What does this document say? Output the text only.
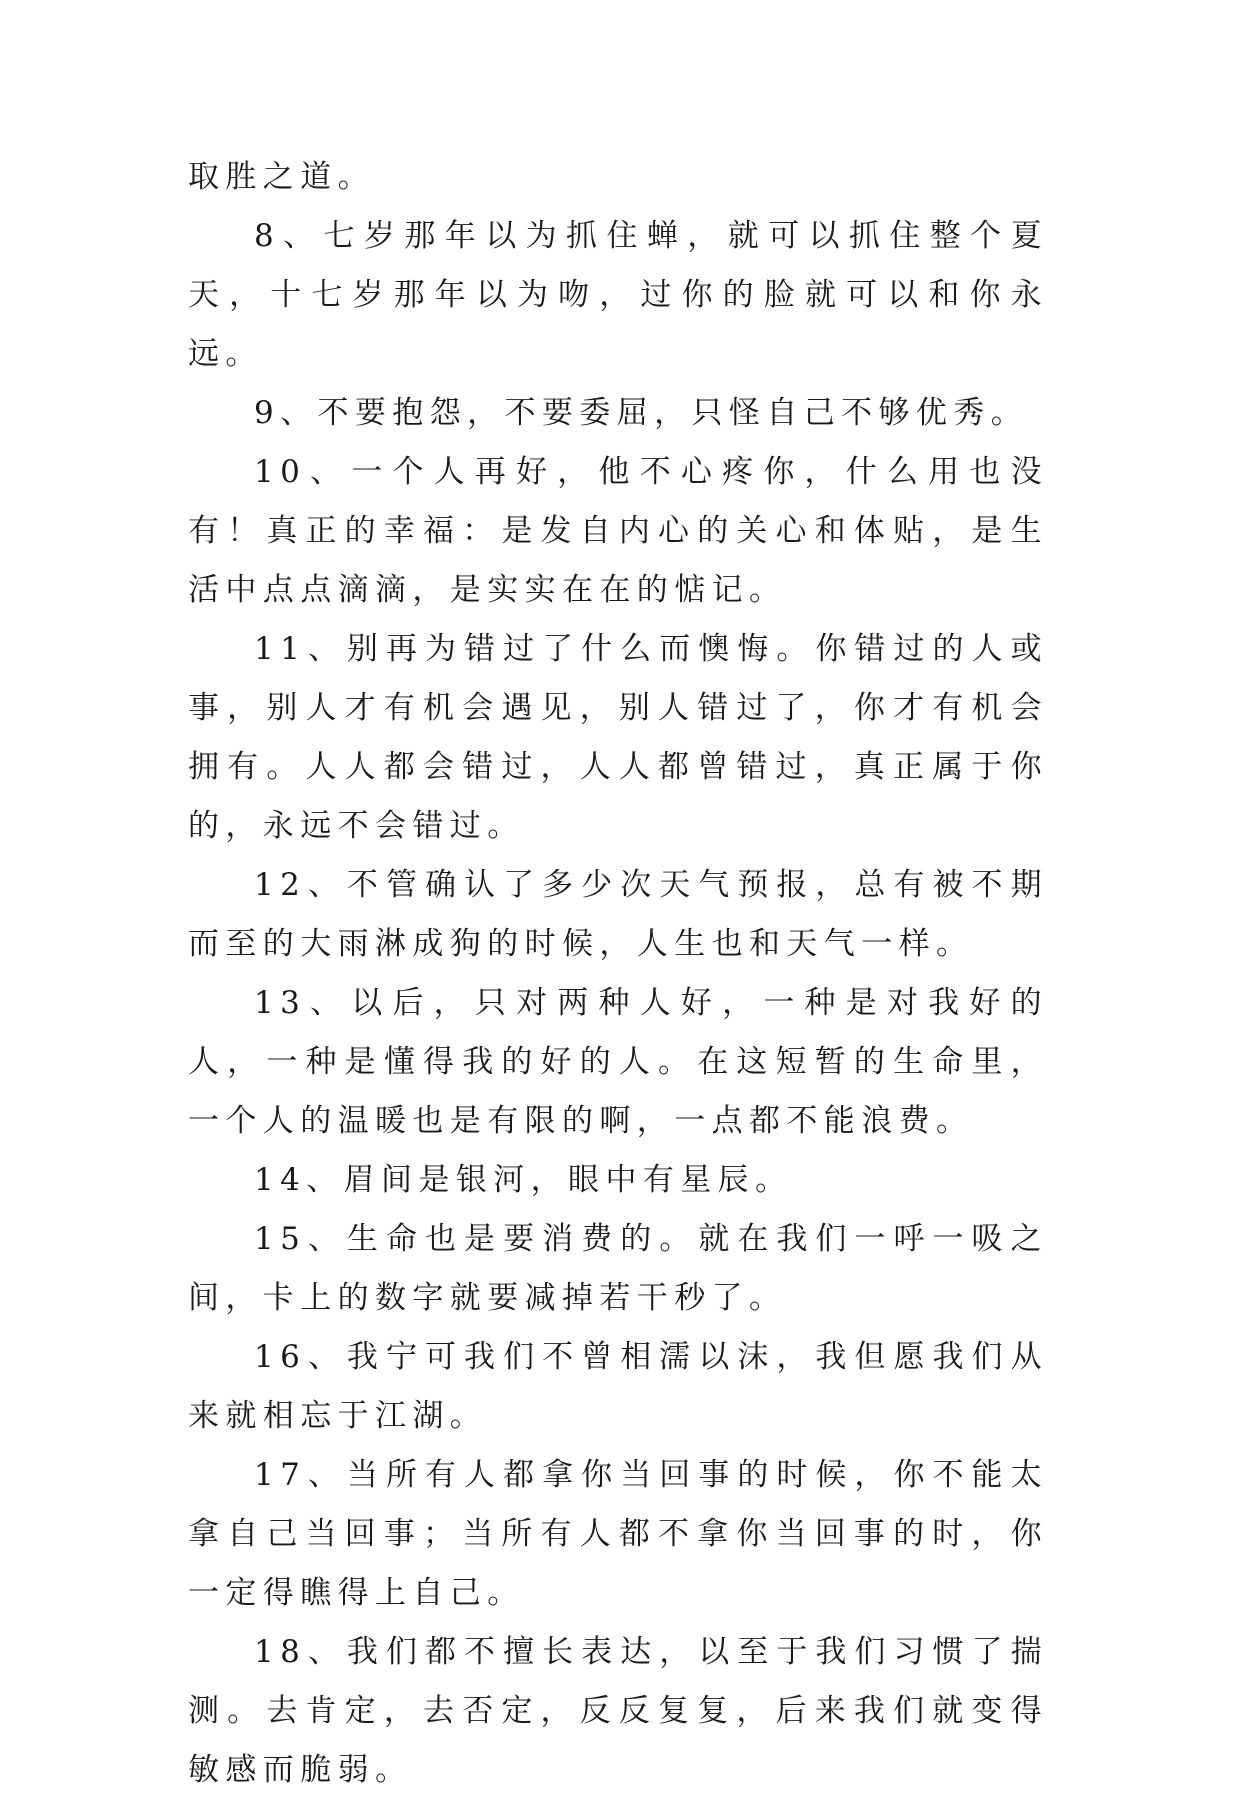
取胜之道。

8、七岁那年以为抓住蝉，就可以抓住整个夏天，十七岁那年以为吻，过你的脸就可以和你永远。

9、不要抱怨，不要委屈，只怪自己不够优秀。

10、一个人再好，他不心疼你，什么用也没有！真正的幸福：是发自内心的关心和体贴，是生活中点点滴滴，是实实在在的惦记。

11、别再为错过了什么而懊悔。你错过的人或事，别人才有机会遇见，别人错过了，你才有机会拥有。人人都会错过，人人都曾错过，真正属于你的，永远不会错过。

12、不管确认了多少次天气预报，总有被不期而至的大雨淋成狗的时候，人生也和天气一样。

13、以后，只对两种人好，一种是对我好的人，一种是懂得我的好的人。在这短暂的生命里，一个人的温暖也是有限的啊，一点都不能浪费。

14、眉间是银河，眼中有星辰。

15、生命也是要消费的。就在我们一呼一吸之间，卡上的数字就要减掉若干秒了。

16、我宁可我们不曾相濡以沫，我但愿我们从来就相忘于江湖。

17、当所有人都拿你当回事的时候，你不能太拿自己当回事；当所有人都不拿你当回事的时，你一定得瞧得上自己。

18、我们都不擅长表达，以至于我们习惯了揣测。去肯定，去否定，反反复复，后来我们就变得敏感而脆弱。
